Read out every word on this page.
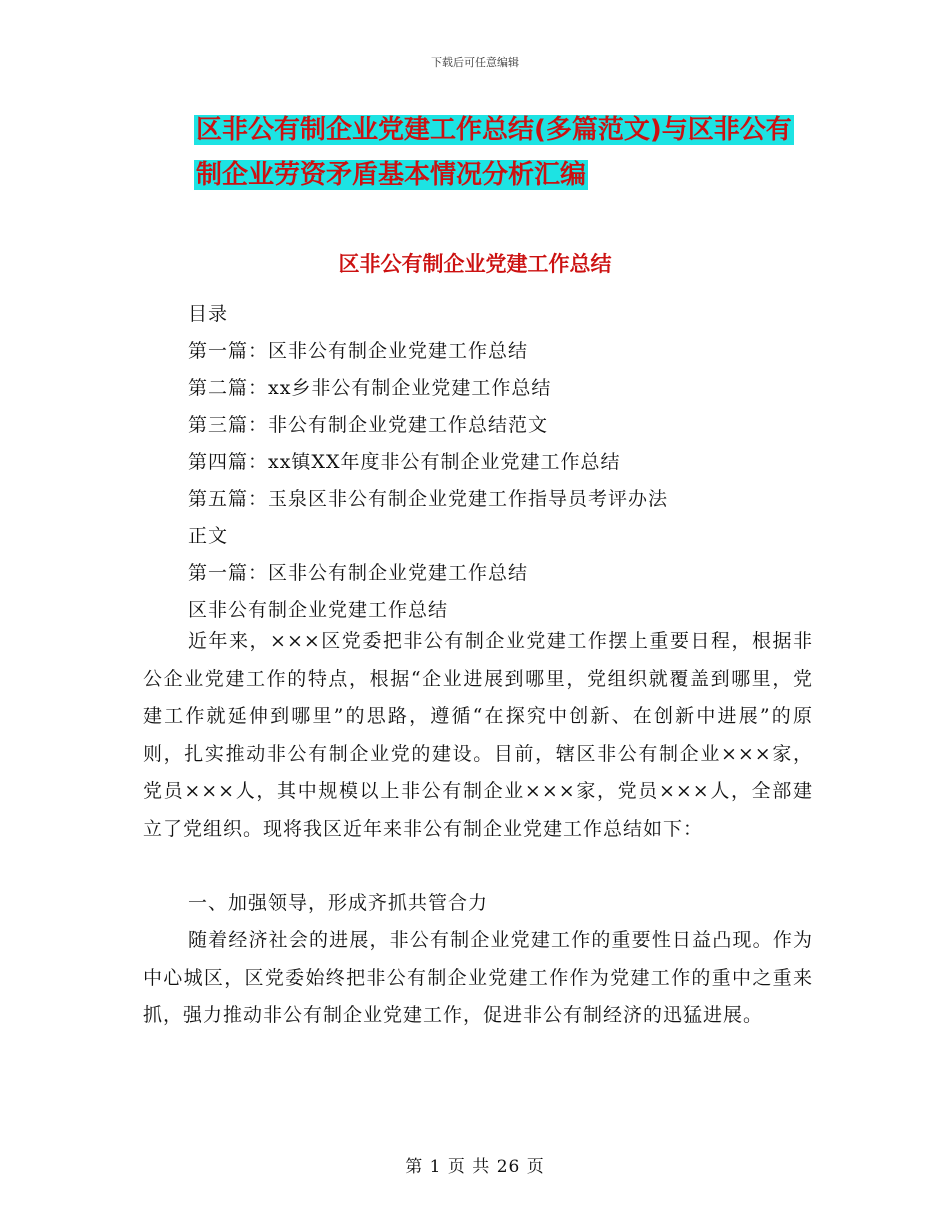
下载后可任意编辑
区非公有制企业党建工作总结(多篇范文)与区非公有
制企业劳资矛盾基本情况分析汇编
区非公有制企业党建工作总结
目录
第一篇：区非公有制企业党建工作总结
第二篇：xx乡非公有制企业党建工作总结
第三篇：非公有制企业党建工作总结范文
第四篇：xx镇XX年度非公有制企业党建工作总结
第五篇：玉泉区非公有制企业党建工作指导员考评办法
正文
第一篇：区非公有制企业党建工作总结
区非公有制企业党建工作总结

近年来，×××区党委把非公有制企业党建工作摆上重要日程，根据非公企业党建工作的特点，根据“企业进展到哪里，党组织就覆盖到哪里，党建工作就延伸到哪里”的思路，遵循“在探究中创新、在创新中进展”的原则，扎实推动非公有制企业党的建设。目前，辖区非公有制企业×××家，党员×××人，其中规模以上非公有制企业×××家，党员×××人，全部建立了党组织。现将我区近年来非公有制企业党建工作总结如下：

一、加强领导，形成齐抓共管合力

随着经济社会的进展，非公有制企业党建工作的重要性日益凸现。作为中心城区，区党委始终把非公有制企业党建工作作为党建工作的重中之重来抓，强力推动非公有制企业党建工作，促进非公有制经济的迅猛进展。

第 1 页 共 26 页
